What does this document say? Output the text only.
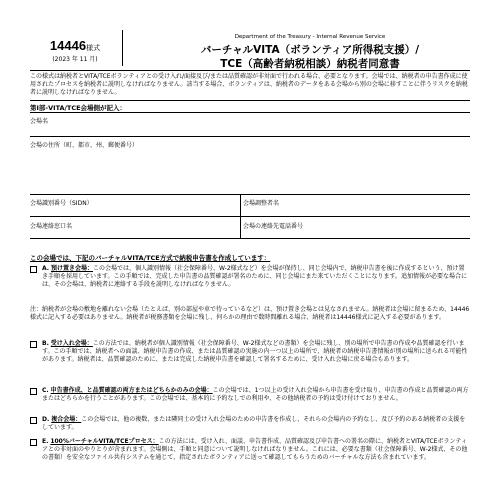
14446様式
(2023 年 11 月)
Department of the Treasury - Internal Revenue Service
バーチャルVITA（ボランティア所得税支援）/
TCE（高齢者納税相談）納税者同意書
この様式は納税者とVITA/TCEボランティアとの受け入れ/面接及び/または品質確認が非対面で行われる場合、必要となります。会場では、納税者の申告書作成に使用されたプロセスを納税者に説明しなければなりません。該当する場合、ボランティアは、納税者のデータをある会場から別の会場に移すことに伴うリスクを納税者に説明しなければなりません。
第I部-VITA/TCE会場側が記入：
会場名
会場の住所（町、都市、州、郵便番号）
会場識別番号（SIDN）	会場調整者名
会場連絡窓口名	会場の連絡先電話番号
この会場では、下記のバーチャルVITA/TCE方式で納税申告書を作成しています：
A. 預け置き会場：この会場では、個人識別情報（社会保障番号、W-2様式など）を会場が保持し、同じ会場内で、納税申告書を後に作成するという、預け置き手順を採用しています。この手順では、完成した申告書の品質確認が署名のために、同じ会場にまた来ていただくことになります。追加情報が必要な場合には、その会場は、納税者に連絡する手段を説明しなければなりません。
注：納税者が会場の敷地を離れない会場（たとえば、別の部屋や車で待っているなど）は、預け置き会場とは見なされません。納税者は会場に留まるため、14446様式に記入する必要はありません。納税者が税務書類を会場に残し、何らかの理由で数時間離れる場合、納税者は14446様式に記入する必要があります。
B. 受け入れ会場：この方法では、納税者が個人識別情報（社会保障番号、W-2様式などの書類）を会場に残し、別の場所で申告書の作成や品質確認を行います。この手順では、納税者への面談、納税申告書の作成、または品質確認の実施の内一つ以上の場所で、納税者の納税申告書情報が別の場所に送られる可能性があります。納税者は、品質確認のために、または完成した納税申告書を確認して署名するために、受け入れ会場に戻る場合もあります。
C. 申告書作成、と品質確認の両方またはどちらかのみの会場：この会場では、1つ以上の受け入れ会場から申告書を受け取り、申告書の作成と品質確認の両方またはどちらかを行うことがあります。この会場では、基本的に予約なしでの利用や、その他納税者の予約は受け付けておりません。
D. 複合会場：この会場では、他の複数、または隣同士の受け入れ会場のための申告書を作成し、それらの会場内の予約なし、及び予約のある納税者の支援をしています。
E. 100%バーチャルVITA/TCEプロセス：この方法には、受け入れ、面談、申告書作成、品質確認及び申告書への署名の際に、納税者とVITA/TCEボランティアとの非対面のやりとりが含まれます。会場側は、手順と同意について説明しなければなりません。これには、必要な書類（社会保障番号、W-2様式、その他の書類）を安全なファイル共有システムを通じて、指定されたボランティアに送って確認してもらうためのバーチャルな方法も含まれています。
